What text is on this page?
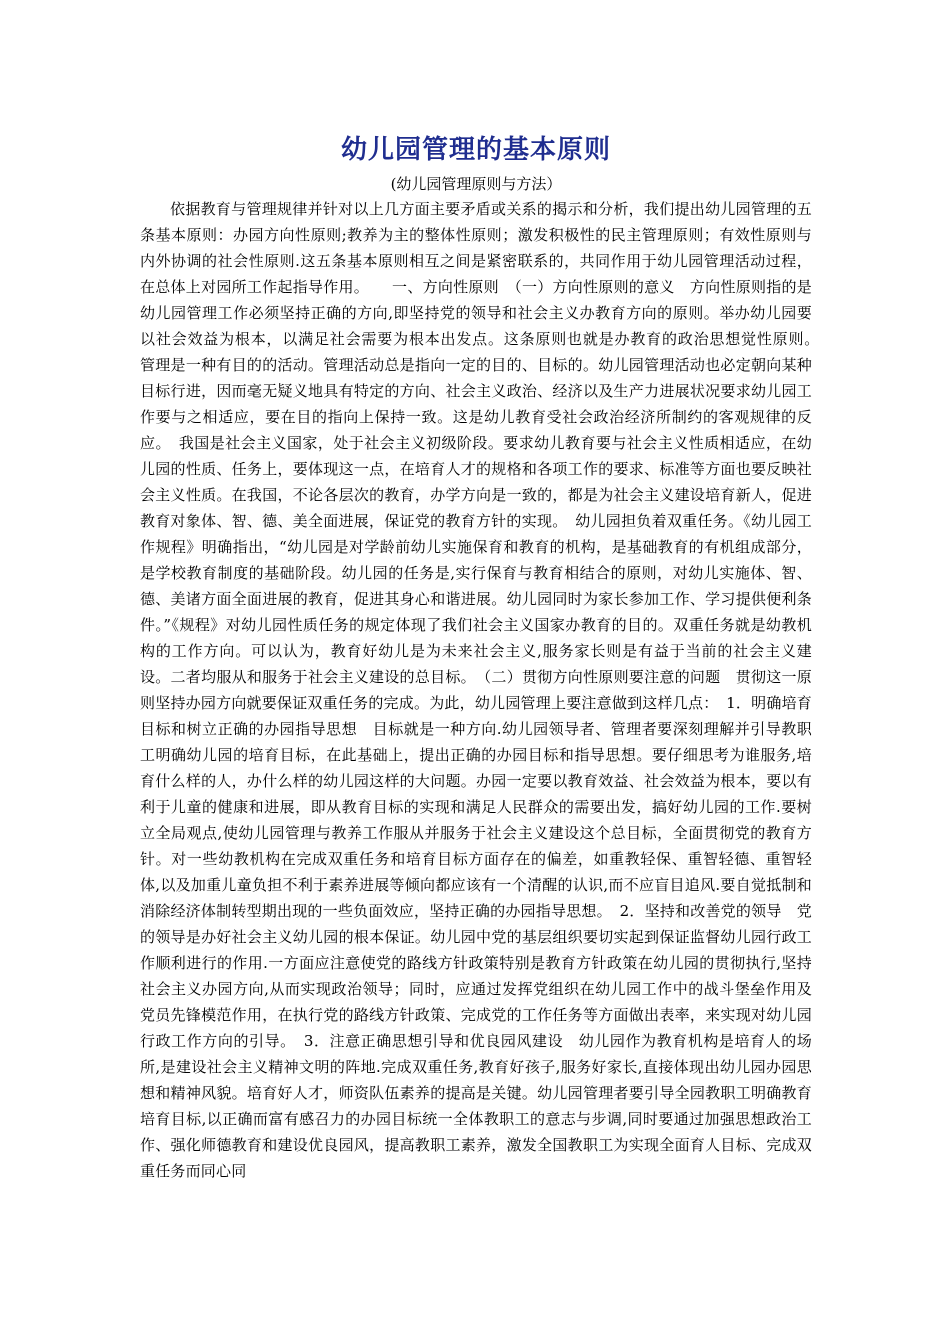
幼儿园管理的基本原则
(幼儿园管理原则与方法）

依据教育与管理规律并针对以上几方面主要矛盾或关系的揭示和分析，我们提出幼儿园管理的五条基本原则：办园方向性原则;教养为主的整体性原则；激发积极性的民主管理原则；有效性原则与内外协调的社会性原则.这五条基本原则相互之间是紧密联系的，共同作用于幼儿园管理活动过程，在总体上对园所工作起指导作用。　　一、方向性原则　（一）方向性原则的意义　方向性原则指的是幼儿园管理工作必须坚持正确的方向,即坚持党的领导和社会主义办教育方向的原则。举办幼儿园要以社会效益为根本，以满足社会需要为根本出发点。这条原则也就是办教育的政治思想觉性原则。　管理是一种有目的的活动。管理活动总是指向一定的目的、目标的。幼儿园管理活动也必定朝向某种目标行进，因而毫无疑义地具有特定的方向、社会主义政治、经济以及生产力进展状况要求幼儿园工作要与之相适应，要在目的指向上保持一致。这是幼儿教育受社会政治经济所制约的客观规律的反应。　我国是社会主义国家，处于社会主义初级阶段。要求幼儿教育要与社会主义性质相适应，在幼儿园的性质、任务上，要体现这一点，在培育人才的规格和各项工作的要求、标准等方面也要反映社会主义性质。在我国，不论各层次的教育，办学方向是一致的，都是为社会主义建设培育新人，促进教育对象体、智、德、美全面进展，保证党的教育方针的实现。　幼儿园担负着双重任务。《幼儿园工作规程》明确指出，“幼儿园是对学龄前幼儿实施保育和教育的机构，是基础教育的有机组成部分，是学校教育制度的基础阶段。幼儿园的任务是,实行保育与教育相结合的原则，对幼儿实施体、智、德、美诸方面全面进展的教育，促进其身心和谐进展。幼儿园同时为家长参加工作、学习提供便利条件。”《规程》对幼儿园性质任务的规定体现了我们社会主义国家办教育的目的。双重任务就是幼教机构的工作方向。可以认为，教育好幼儿是为未来社会主义,服务家长则是有益于当前的社会主义建设。二者均服从和服务于社会主义建设的总目标。　（二）贯彻方向性原则要注意的问题　贯彻这一原则坚持办园方向就要保证双重任务的完成。为此，幼儿园管理上要注意做到这样几点：　1．明确培育目标和树立正确的办园指导思想　目标就是一种方向.幼儿园领导者、管理者要深刻理解并引导教职工明确幼儿园的培育目标，在此基础上，提出正确的办园目标和指导思想。要仔细思考为谁服务,培育什么样的人，办什么样的幼儿园这样的大问题。办园一定要以教育效益、社会效益为根本，要以有利于儿童的健康和进展，即从教育目标的实现和满足人民群众的需要出发，搞好幼儿园的工作.要树立全局观点,使幼儿园管理与教养工作服从并服务于社会主义建设这个总目标，全面贯彻党的教育方针。对一些幼教机构在完成双重任务和培育目标方面存在的偏差，如重教轻保、重智轻德、重智轻体,以及加重儿童负担不利于素养进展等倾向都应该有一个清醒的认识,而不应盲目追风.要自觉抵制和消除经济体制转型期出现的一些负面效应，坚持正确的办园指导思想。　2．坚持和改善党的领导　党的领导是办好社会主义幼儿园的根本保证。幼儿园中党的基层组织要切实起到保证监督幼儿园行政工作顺利进行的作用.一方面应注意使党的路线方针政策特别是教育方针政策在幼儿园的贯彻执行,坚持社会主义办园方向,从而实现政治领导；同时，应通过发挥党组织在幼儿园工作中的战斗堡垒作用及党员先锋模范作用，在执行党的路线方针政策、完成党的工作任务等方面做出表率，来实现对幼儿园行政工作方向的引导。　3．注意正确思想引导和优良园风建设　幼儿园作为教育机构是培育人的场所,是建设社会主义精神文明的阵地.完成双重任务,教育好孩子,服务好家长,直接体现出幼儿园办园思想和精神风貌。培育好人才，师资队伍素养的提高是关键。幼儿园管理者要引导全园教职工明确教育培育目标,以正确而富有感召力的办园目标统一全体教职工的意志与步调,同时要通过加强思想政治工作、强化师德教育和建设优良园风，提高教职工素养，激发全国教职工为实现全面育人目标、完成双重任务而同心同
